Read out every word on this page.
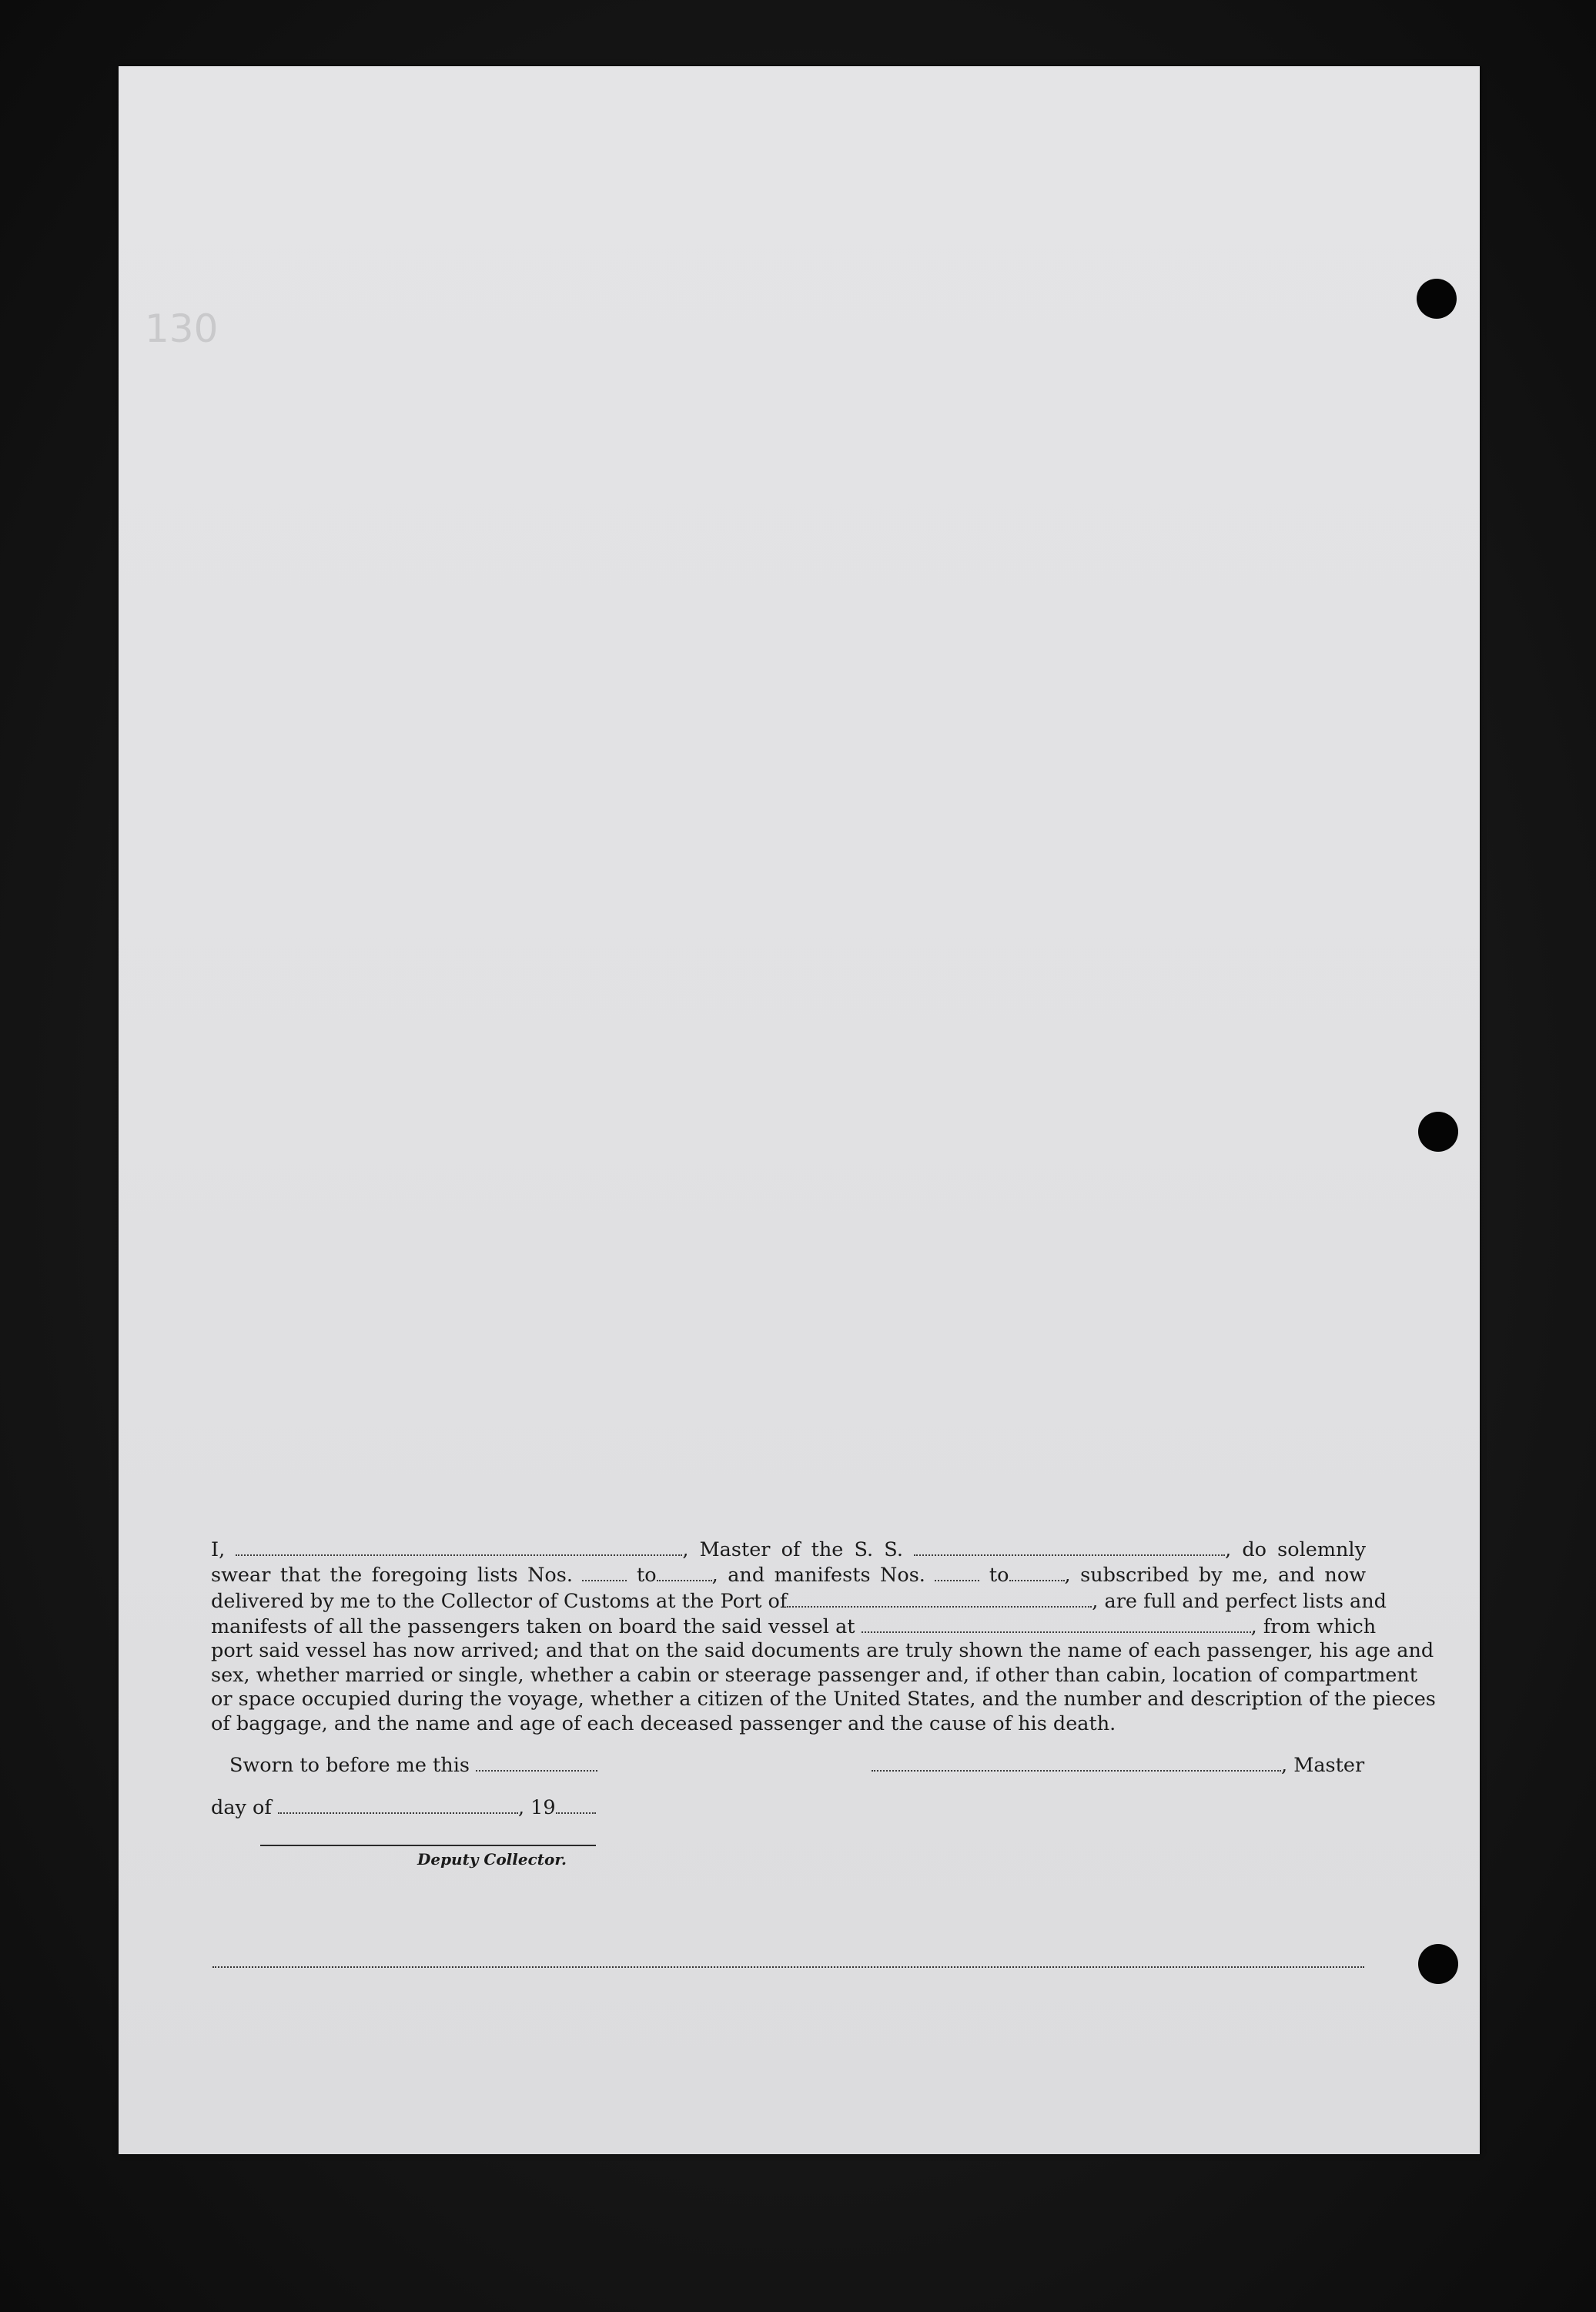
130
I,	, Master of the S. S.	, do solemnly
swear that the foregoing lists Nos.	to	, and manifests Nos.	to	, subscribed by me, and now
delivered by me to the Collector of Customs at the Port of	, are full and perfect lists and
manifests of all the passengers taken on board the said vessel at	, from which
port said vessel has now arrived; and that on the said documents are truly shown the name of each passenger, his age and
sex, whether married or single, whether a cabin or steerage passenger and, if other than cabin, location of compartment
or space occupied during the voyage, whether a citizen of the United States, and the number and description of the pieces
of baggage, and the name and age of each deceased passenger and the cause of his death.
Sworn to before me this	, Master
day of	, 19
Deputy Collector.
